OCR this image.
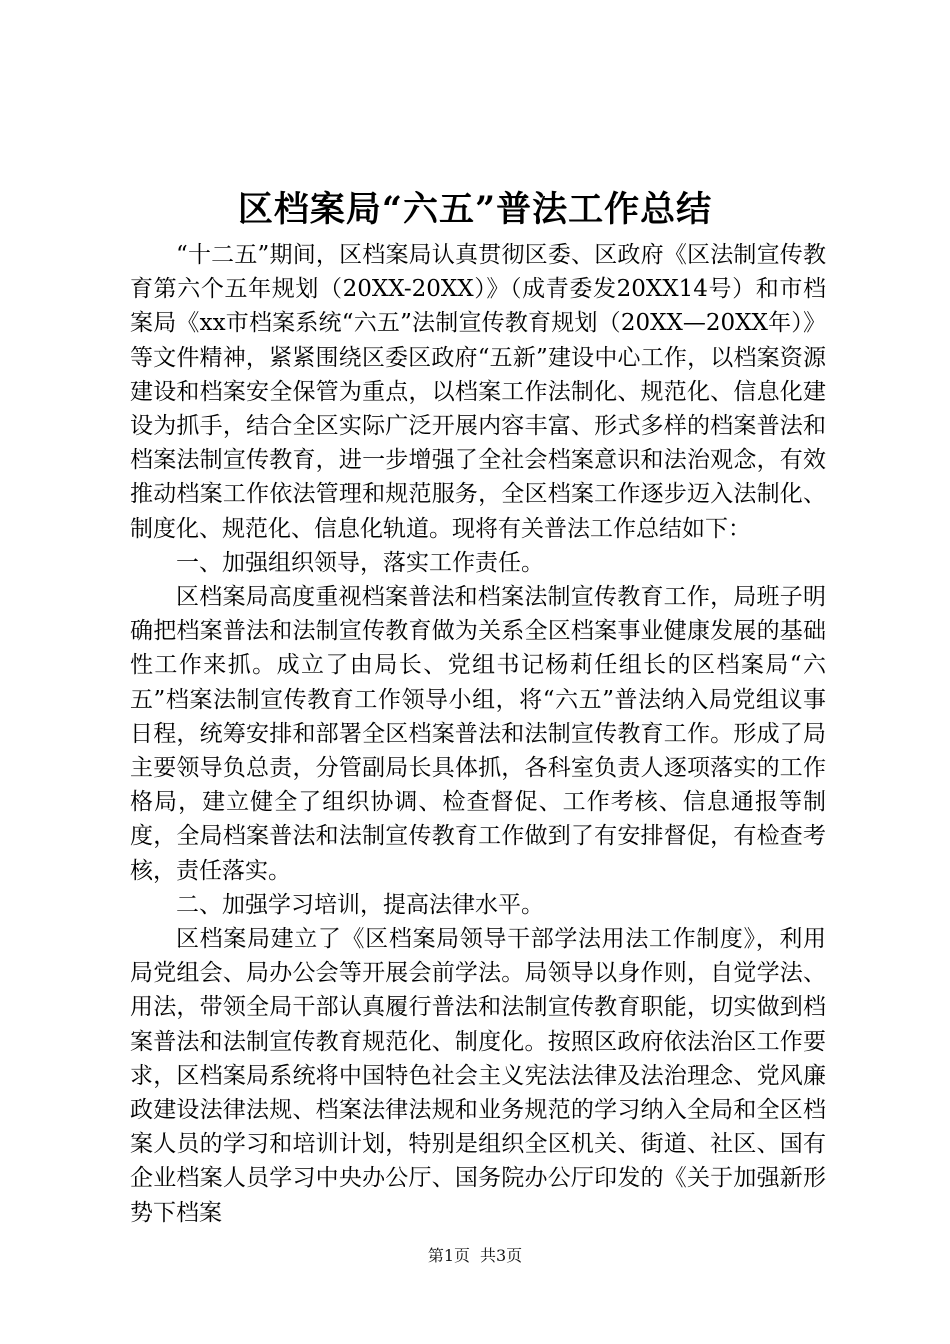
区档案局“六五”普法工作总结

“十二五”期间，区档案局认真贯彻区委、区政府《区法制宣传教育第六个五年规划（20XX-20XX）》（成青委发20XX14号）和市档案局《xx市档案系统“六五”法制宣传教育规划（20XX—20XX年）》等文件精神，紧紧围绕区委区政府“五新”建设中心工作，以档案资源建设和档案安全保管为重点，以档案工作法制化、规范化、信息化建设为抓手，结合全区实际广泛开展内容丰富、形式多样的档案普法和档案法制宣传教育，进一步增强了全社会档案意识和法治观念，有效推动档案工作依法管理和规范服务，全区档案工作逐步迈入法制化、制度化、规范化、信息化轨道。现将有关普法工作总结如下：

一、加强组织领导，落实工作责任。

区档案局高度重视档案普法和档案法制宣传教育工作，局班子明确把档案普法和法制宣传教育做为关系全区档案事业健康发展的基础性工作来抓。成立了由局长、党组书记杨莉任组长的区档案局“六五”档案法制宣传教育工作领导小组，将“六五”普法纳入局党组议事日程，统筹安排和部署全区档案普法和法制宣传教育工作。形成了局主要领导负总责，分管副局长具体抓，各科室负责人逐项落实的工作格局，建立健全了组织协调、检查督促、工作考核、信息通报等制度，全局档案普法和法制宣传教育工作做到了有安排督促，有检查考核，责任落实。

二、加强学习培训，提高法律水平。

区档案局建立了《区档案局领导干部学法用法工作制度》，利用局党组会、局办公会等开展会前学法。局领导以身作则，自觉学法、用法，带领全局干部认真履行普法和法制宣传教育职能，切实做到档案普法和法制宣传教育规范化、制度化。按照区政府依法治区工作要求，区档案局系统将中国特色社会主义宪法法律及法治理念、党风廉政建设法律法规、档案法律法规和业务规范的学习纳入全局和全区档案人员的学习和培训计划，特别是组织全区机关、街道、社区、国有企业档案人员学习中央办公厅、国务院办公厅印发的《关于加强新形势下档案

第1页 共3页
